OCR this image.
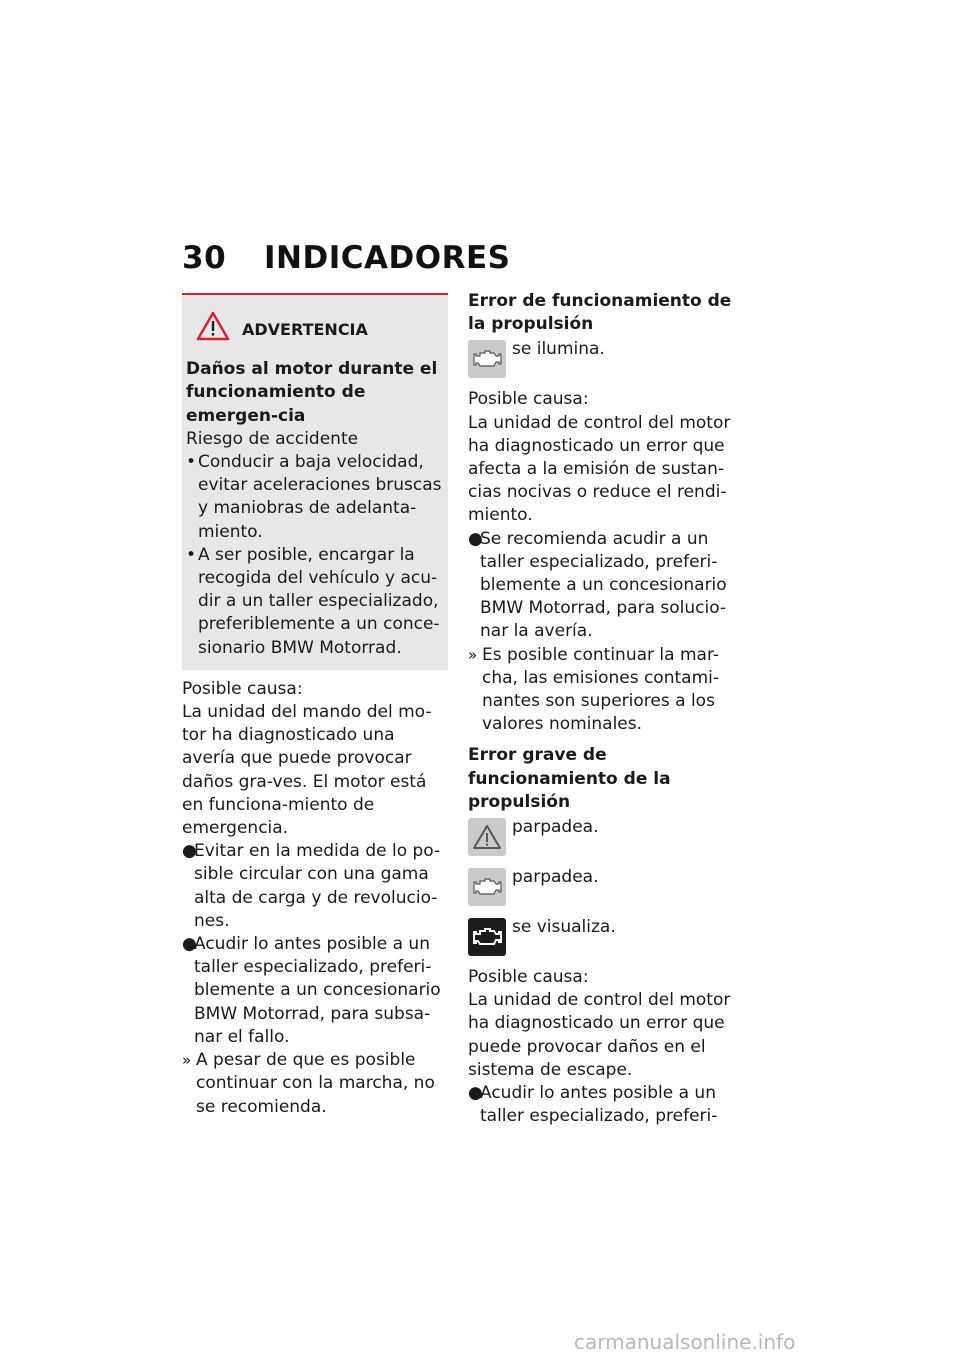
30	INDICADORES
ADVERTENCIA

Daños al motor durante el funcionamiento de emergen-cia

Riesgo de accidente

• Conducir a baja velocidad, evitar aceleraciones bruscas y maniobras de adelanta-miento.
• A ser posible, encargar la recogida del vehículo y acu-dir a un taller especializado, preferiblemente a un conce-sionario BMW Motorrad.

Posible causa:

La unidad del mando del mo-tor ha diagnosticado una avería que puede provocar daños gra-ves. El motor está en funciona-miento de emergencia.

●
Evitar en la medida de lo po-sible circular con una gama alta de carga y de revolucio-nes.
●
Acudir lo antes posible a un taller especializado, preferi-blemente a un concesionario BMW Motorrad, para subsa-nar el fallo.
» A pesar de que es posible continuar con la marcha, no se recomienda.

Error de funcionamiento de la propulsión

se ilumina.

Posible causa:

La unidad de control del motor ha diagnosticado un error que afecta a la emisión de sustan-cias nocivas o reduce el rendi-miento.

●
Se recomienda acudir a un taller especializado, preferi-blemente a un concesionario BMW Motorrad, para solucio-nar la avería.
» Es posible continuar la mar-cha, las emisiones contami-nantes son superiores a los valores nominales.

Error grave de funcionamiento de la propulsión

parpadea.
parpadea.
se visualiza.

Posible causa:

La unidad de control del motor ha diagnosticado un error que puede provocar daños en el sistema de escape.

●
Acudir lo antes posible a un taller especializado, preferi-
carmanualsonline.info
